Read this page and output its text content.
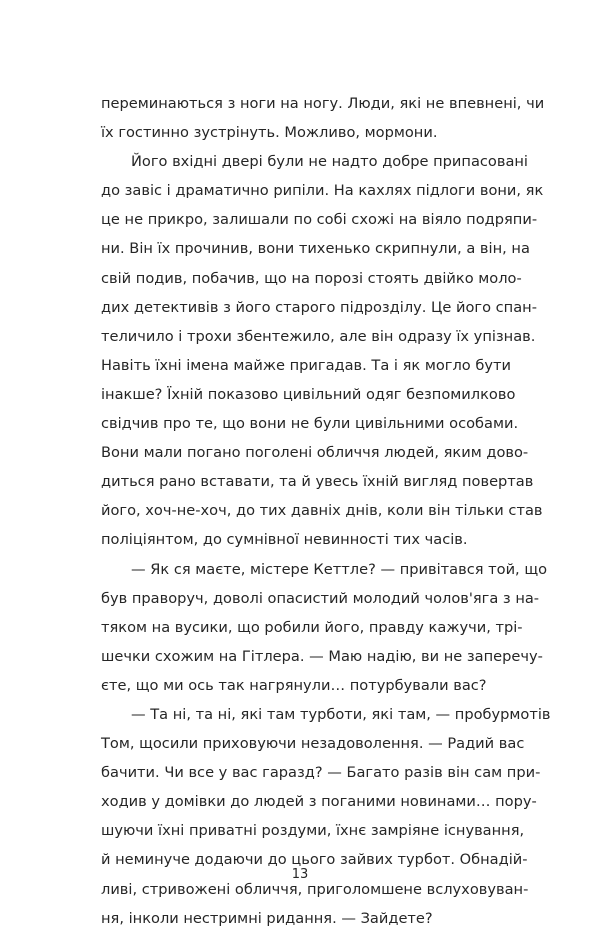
переминаються з ноги на ногу. Люди, які не впевнені, чи
їх гостинно зустрінуть. Можливо, мормони.
Його вхідні двері були не надто добре припасовані
до завіс і драматично рипіли. На кахлях підлоги вони, як
це не прикро, залишали по собі схожі на віяло подряпи-
ни. Він їх прочинив, вони тихенько скрипнули, а він, на
свій подив, побачив, що на порозі стоять двійко моло-
дих детективів з його старого підрозділу. Це його спан-
теличило і трохи збентежило, але він одразу їх упізнав.
Навіть їхні імена майже пригадав. Та і як могло бути
інакше? Їхній показово цивільний одяг безпомилково
свідчив про те, що вони не були цивільними особами.
Вони мали погано поголені обличчя людей, яким дово-
диться рано вставати, та й увесь їхній вигляд повертав
його, хоч-не-хоч, до тих давніх днів, коли він тільки став
поліціянтом, до сумнівної невинності тих часів.
— Як ся маєте, містере Кеттле? — привітався той, що
був праворуч, доволі опасистий молодий чолов'яга з на-
тяком на вусики, що робили його, правду кажучи, трі-
шечки схожим на Гітлера. — Маю надію, ви не заперечу-
єте, що ми ось так нагрянули… потурбували вас?
— Та ні, та ні, які там турботи, які там, — пробурмотів
Том, щосили приховуючи незадоволення. — Радий вас
бачити. Чи все у вас гаразд? — Багато разів він сам при-
ходив у домівки до людей з поганими новинами… пору-
шуючи їхні приватні роздуми, їхнє замріяне існування,
й неминуче додаючи до цього зайвих турбот. Обнадій-
ливі, стривожені обличчя, приголомшене вслуховуван-
ня, інколи нестримні ридання. — Зайдете?
13
